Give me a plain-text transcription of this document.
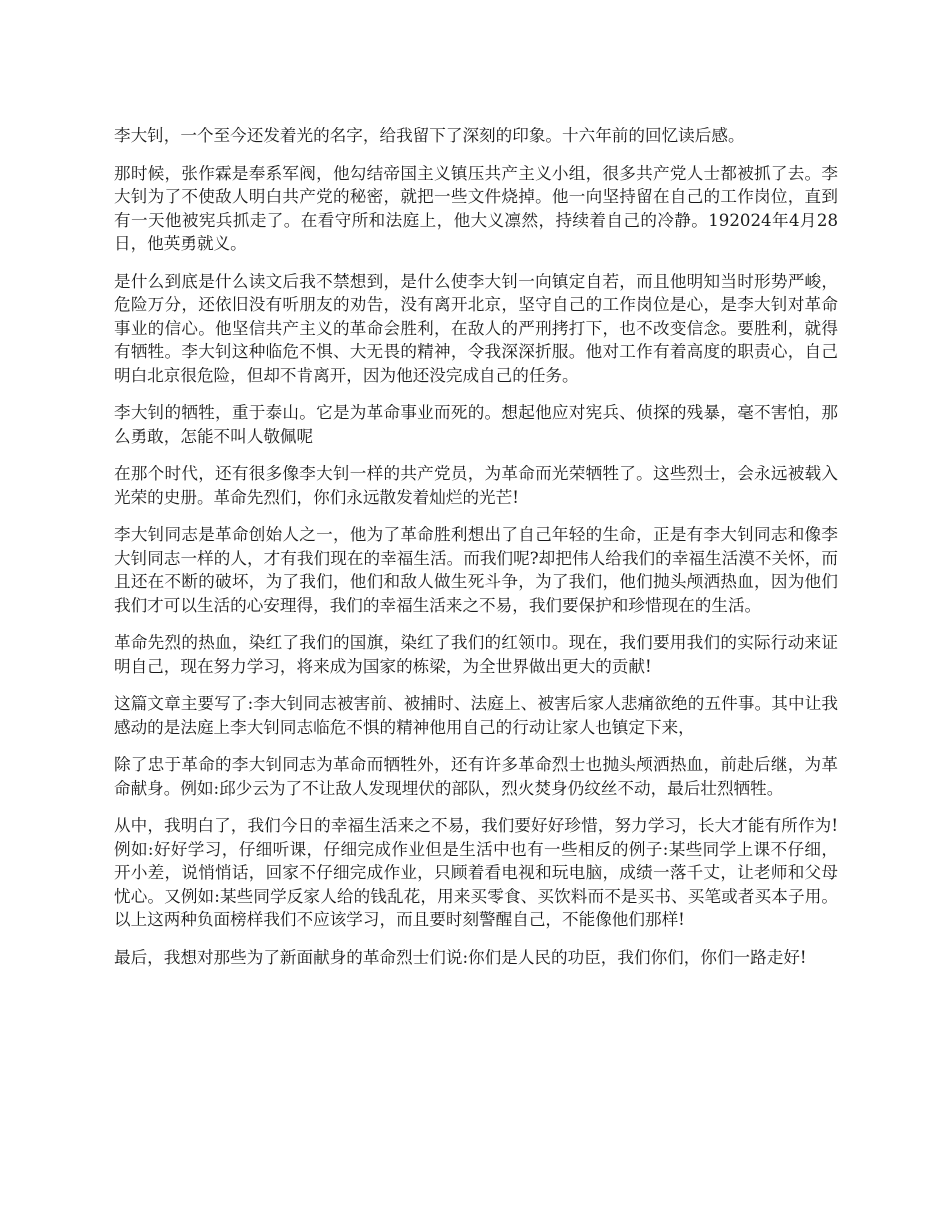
李大钊，一个至今还发着光的名字，给我留下了深刻的印象。十六年前的回忆读后感。

那时候，张作霖是奉系军阀，他勾结帝国主义镇压共产主义小组，很多共产党人士都被抓了去。李大钊为了不使敌人明白共产党的秘密，就把一些文件烧掉。他一向坚持留在自己的工作岗位，直到有一天他被宪兵抓走了。在看守所和法庭上，他大义凛然，持续着自己的冷静。192024年4月28日，他英勇就义。

是什么到底是什么读文后我不禁想到，是什么使李大钊一向镇定自若，而且他明知当时形势严峻，危险万分，还依旧没有听朋友的劝告，没有离开北京，坚守自己的工作岗位是心，是李大钊对革命事业的信心。他坚信共产主义的革命会胜利，在敌人的严刑拷打下，也不改变信念。要胜利，就得有牺牲。李大钊这种临危不惧、大无畏的精神，令我深深折服。他对工作有着高度的职责心，自己明白北京很危险，但却不肯离开，因为他还没完成自己的任务。

李大钊的牺牲，重于泰山。它是为革命事业而死的。想起他应对宪兵、侦探的残暴，毫不害怕，那么勇敢，怎能不叫人敬佩呢

在那个时代，还有很多像李大钊一样的共产党员，为革命而光荣牺牲了。这些烈士，会永远被载入光荣的史册。革命先烈们，你们永远散发着灿烂的光芒!

李大钊同志是革命创始人之一，他为了革命胜利想出了自己年轻的生命，正是有李大钊同志和像李大钊同志一样的人，才有我们现在的幸福生活。而我们呢?却把伟人给我们的幸福生活漠不关怀，而且还在不断的破坏，为了我们，他们和敌人做生死斗争，为了我们，他们抛头颅洒热血，因为他们我们才可以生活的心安理得，我们的幸福生活来之不易，我们要保护和珍惜现在的生活。

革命先烈的热血，染红了我们的国旗，染红了我们的红领巾。现在，我们要用我们的实际行动来证明自己，现在努力学习，将来成为国家的栋梁，为全世界做出更大的贡献!

这篇文章主要写了:李大钊同志被害前、被捕时、法庭上、被害后家人悲痛欲绝的五件事。其中让我感动的是法庭上李大钊同志临危不惧的精神他用自己的行动让家人也镇定下来，

除了忠于革命的李大钊同志为革命而牺牲外，还有许多革命烈士也抛头颅洒热血，前赴后继，为革命献身。例如:邱少云为了不让敌人发现埋伏的部队，烈火焚身仍纹丝不动，最后壮烈牺牲。

从中，我明白了，我们今日的幸福生活来之不易，我们要好好珍惜，努力学习，长大才能有所作为!例如:好好学习，仔细听课，仔细完成作业但是生活中也有一些相反的例子:某些同学上课不仔细，开小差，说悄悄话，回家不仔细完成作业，只顾着看电视和玩电脑，成绩一落千丈，让老师和父母忧心。又例如:某些同学反家人给的钱乱花，用来买零食、买饮料而不是买书、买笔或者买本子用。以上这两种负面榜样我们不应该学习，而且要时刻警醒自己，不能像他们那样!

最后，我想对那些为了新面献身的革命烈士们说:你们是人民的功臣，我们你们，你们一路走好!
